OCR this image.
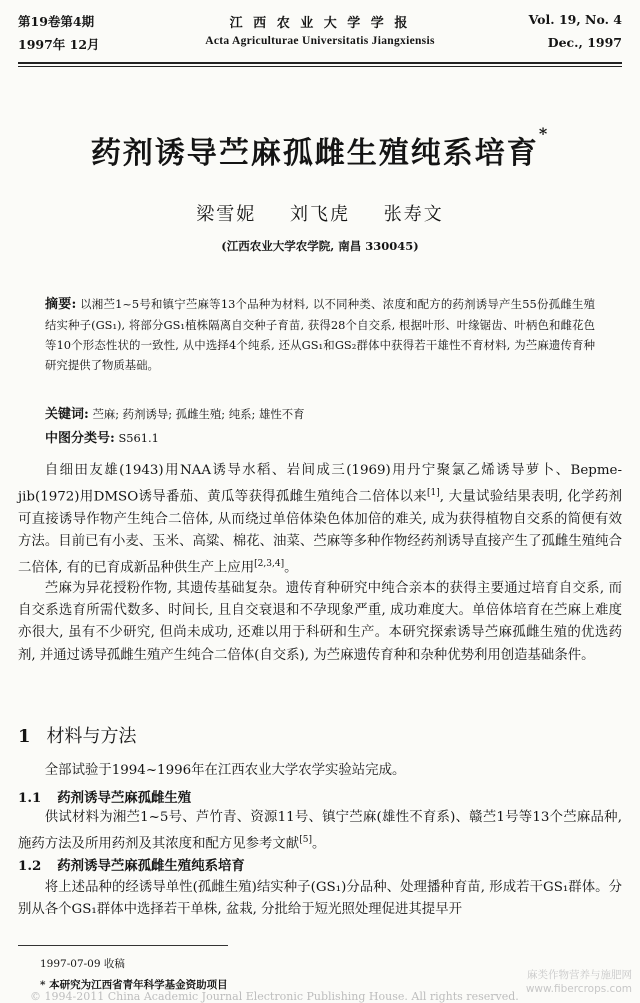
第19卷第4期	江 西 农 业 大 学 学 报	Vol. 19, No. 4
1997年 12月	Acta Agriculturae Universitatis Jiangxiensis	Dec., 1997
药剂诱导苎麻孤雌生殖纯系培育*
梁雪妮 刘飞虎 张寿文
(江西农业大学农学院, 南昌 330045)
摘要: 以湘苎1~5号和镇宁苎麻等13个品种为材料, 以不同种类、浓度和配方的药剂诱导产生55份孤雌生殖结实种子(GS₁), 将部分GS₁植株隔离自交种子育苗, 获得28个自交系, 根据叶形、叶缘锯齿、叶柄色和雌花色等10个形态性状的一致性, 从中选择4个纯系, 还从GS₁和GS₂群体中获得若干雄性不育材料, 为苎麻遗传育种研究提供了物质基础。
关键词: 苎麻; 药剂诱导; 孤雌生殖; 纯系; 雄性不育
中图分类号: S561.1
自细田友雄(1943)用NAA诱导水稻、岩间成三(1969)用丹宁聚氯乙烯诱导萝卜、Bepme-jib(1972)用DMSO诱导番茄、黄瓜等获得孤雌生殖纯合二倍体以来[1], 大量试验结果表明, 化学药剂可直接诱导作物产生纯合二倍体, 从而绕过单倍体染色体加倍的难关, 成为获得植物自交系的简便有效方法。目前已有小麦、玉米、高粱、棉花、油菜、苎麻等多种作物经药剂诱导直接产生了孤雌生殖纯合二倍体, 有的已育成新品种供生产上应用[2,3,4]。
苎麻为异花授粉作物, 其遗传基础复杂。遗传育种研究中纯合亲本的获得主要通过培育自交系, 而自交系选育所需代数多、时间长, 且自交衰退和不孕现象严重, 成功难度大。单倍体培育在苎麻上难度亦很大, 虽有不少研究, 但尚未成功, 还难以用于科研和生产。本研究探索诱导苎麻孤雌生殖的优选药剂, 并通过诱导孤雌生殖产生纯合二倍体(自交系), 为苎麻遗传育种和杂种优势利用创造基础条件。
1 材料与方法
全部试验于1994~1996年在江西农业大学农学实验站完成。
1.1 药剂诱导苎麻孤雌生殖
供试材料为湘苎1~5号、芦竹青、资源11号、镇宁苎麻(雄性不育系)、赣苎1号等13个苎麻品种, 施药方法及所用药剂及其浓度和配方见参考文献[5]。
1.2 药剂诱导苎麻孤雌生殖纯系培育
将上述品种的经诱导单性(孤雌生殖)结实种子(GS₁)分品种、处理播种育苗, 形成若干GS₁群体。分别从各个GS₁群体中选择若干单株, 盆栽, 分批给于短光照处理促进其提早开
1997-07-09 收稿
* 本研究为江西省青年科学基金资助项目
© 1994-2011 China Academic Journal Electronic Publishing House. All rights reserved.
麻类作物营养与施肥网
www.fibercrops.com
